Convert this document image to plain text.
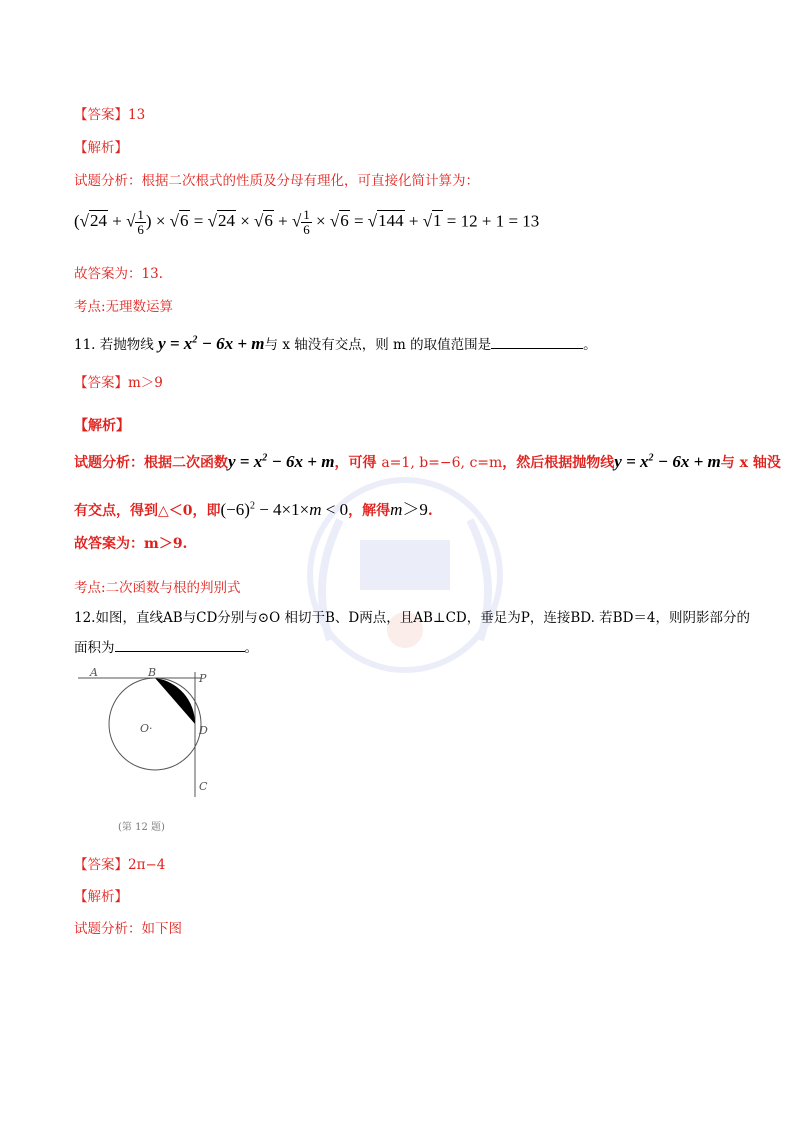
【答案】13
【解析】
试题分析：根据二次根式的性质及分母有理化，可直接化简计算为：
(√24 + √ $\frac{1}{6}$ ) × √6 = √24 × √6 + √ $\frac{1}{6} \times √6 = √144 + √1 = 12 + 1 = 13$
故答案为：13.
考点:无理数运算
11. 若抛物线 $y = x^2 - 6x + m$与 x 轴没有交点，则 m 的取值范围是	。
【答案】m＞9
【解析】
试题分析：根据二次函数$y = x^2 - 6x + m$，可得 a=1, b=−6, c=m，然后根据抛物线$y = x^2 - 6x + m$与 x 轴没
有交点，得到△＜0，即$(-6)^2 - 4\times 1\times m < 0$，解得m＞9.
故答案为：m＞9.
考点:二次函数与根的判别式
12.如图，直线AB与CD分别与⊙O 相切于B、D两点，且AB⊥CD，垂足为P，连接BD. 若BD＝4，则阴影部分的
面积为	。
A	B	P
O·	D
C
(第 12 题)
【答案】2π−4
【解析】
试题分析：如下图
